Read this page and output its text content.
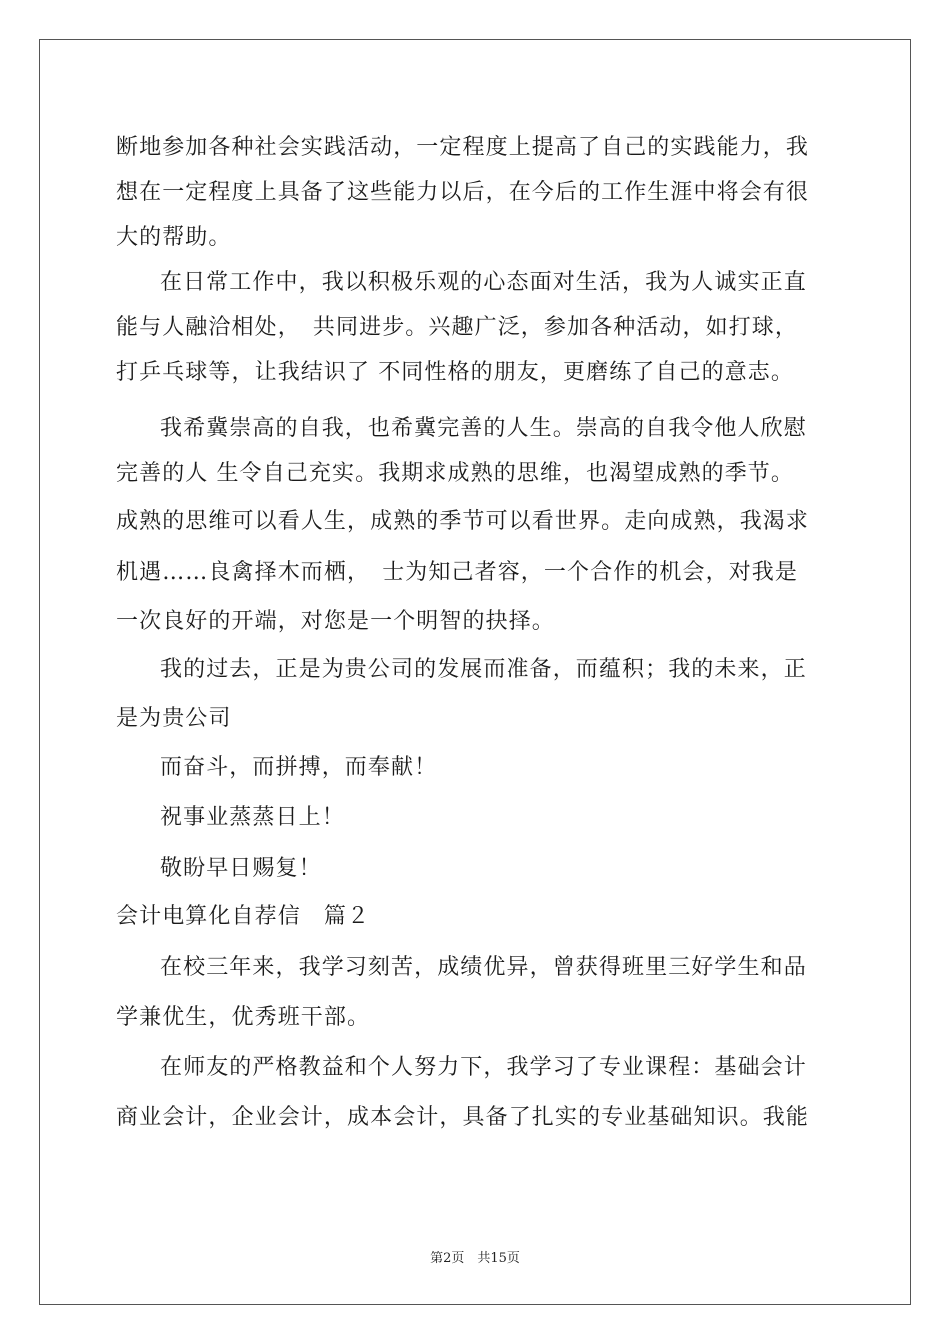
断地参加各种社会实践活动，一定程度上提高了自己的实践能力，我
想在一定程度上具备了这些能力以后，在今后的工作生涯中将会有很
大的帮助。
在日常工作中，我以积极乐观的心态面对生活，我为人诚实正直
能与人融洽相处，　共同进步。兴趣广泛，参加各种活动，如打球，
打乒乓球等，让我结识了 不同性格的朋友，更磨练了自己的意志。
我希冀崇高的自我，也希冀完善的人生。崇高的自我令他人欣慰
完善的人 生令自己充实。我期求成熟的思维，也渴望成熟的季节。
成熟的思维可以看人生，成熟的季节可以看世界。走向成熟，我渴求
机遇……良禽择木而栖，　士为知己者容，一个合作的机会，对我是
一次良好的开端，对您是一个明智的抉择。
我的过去，正是为贵公司的发展而准备，而蕴积；我的未来，正
是为贵公司
而奋斗，而拼搏，而奉献！
祝事业蒸蒸日上！
敬盼早日赐复！
会计电算化自荐信　篇２
在校三年来，我学习刻苦，成绩优异，曾获得班里三好学生和品
学兼优生，优秀班干部。
在师友的严格教益和个人努力下，我学习了专业课程：基础会计
商业会计，企业会计，成本会计，具备了扎实的专业基础知识。我能
第2页　共15页
